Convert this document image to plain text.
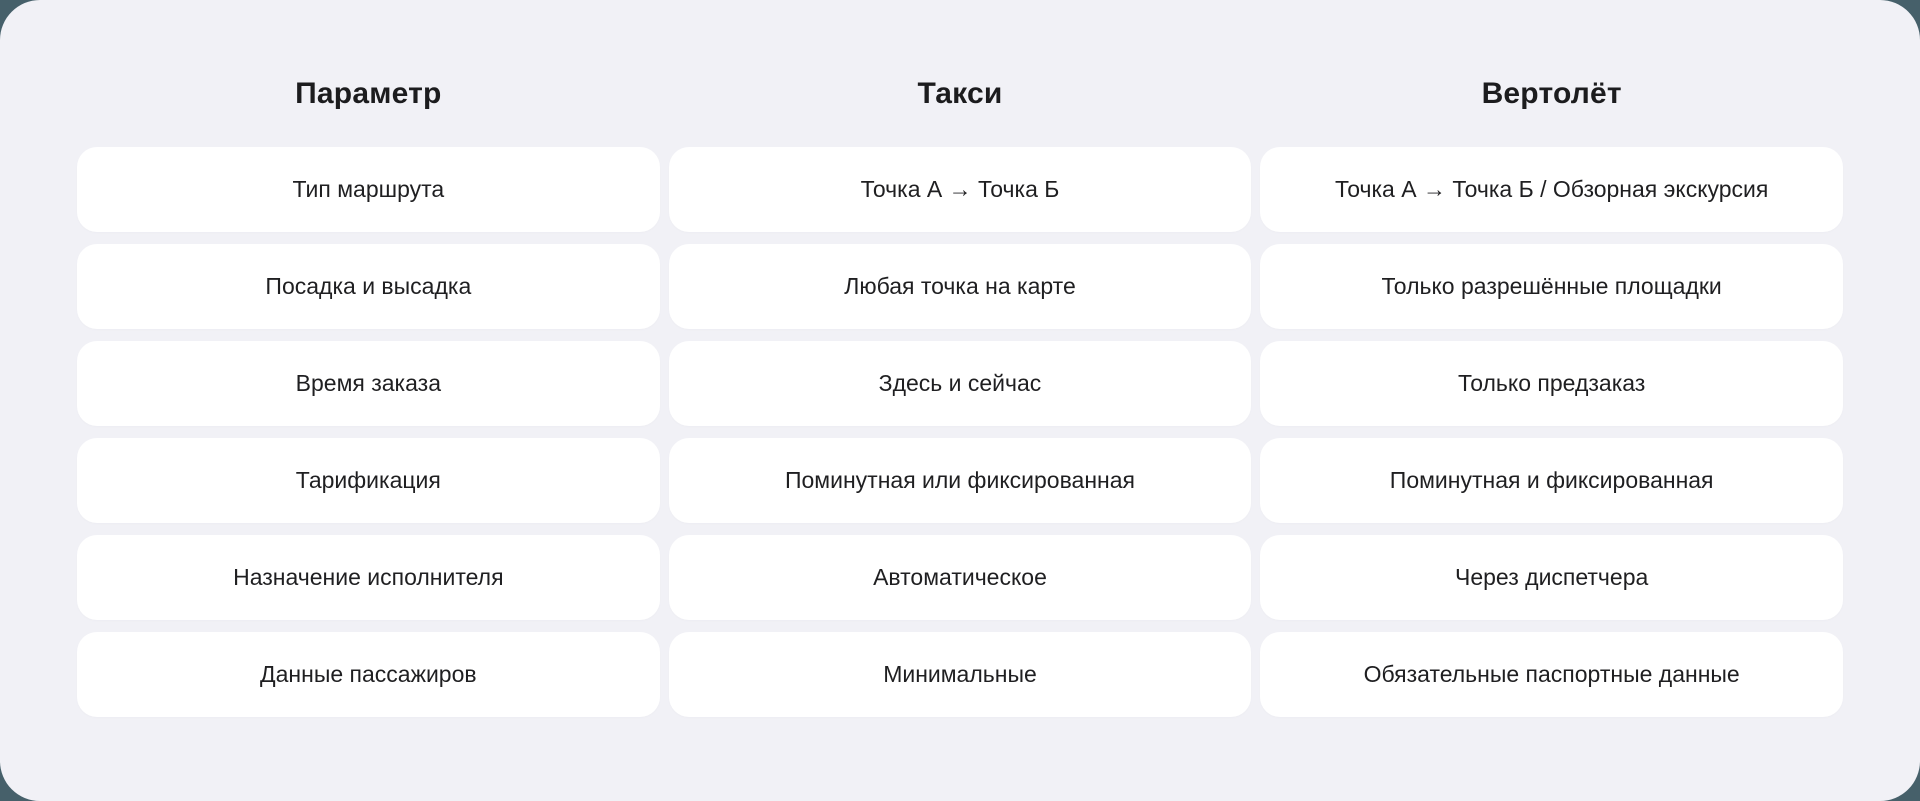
Параметр	Такси	Вертолёт
Тип маршрута	Точка А → Точка Б	Точка А → Точка Б / Обзорная экскурсия
Посадка и высадка	Любая точка на карте	Только разрешённые площадки
Время заказа	Здесь и сейчас	Только предзаказ
Тарификация	Поминутная или фиксированная	Поминутная и фиксированная
Назначение исполнителя	Автоматическое	Через диспетчера
Данные пассажиров	Минимальные	Обязательные паспортные данные
